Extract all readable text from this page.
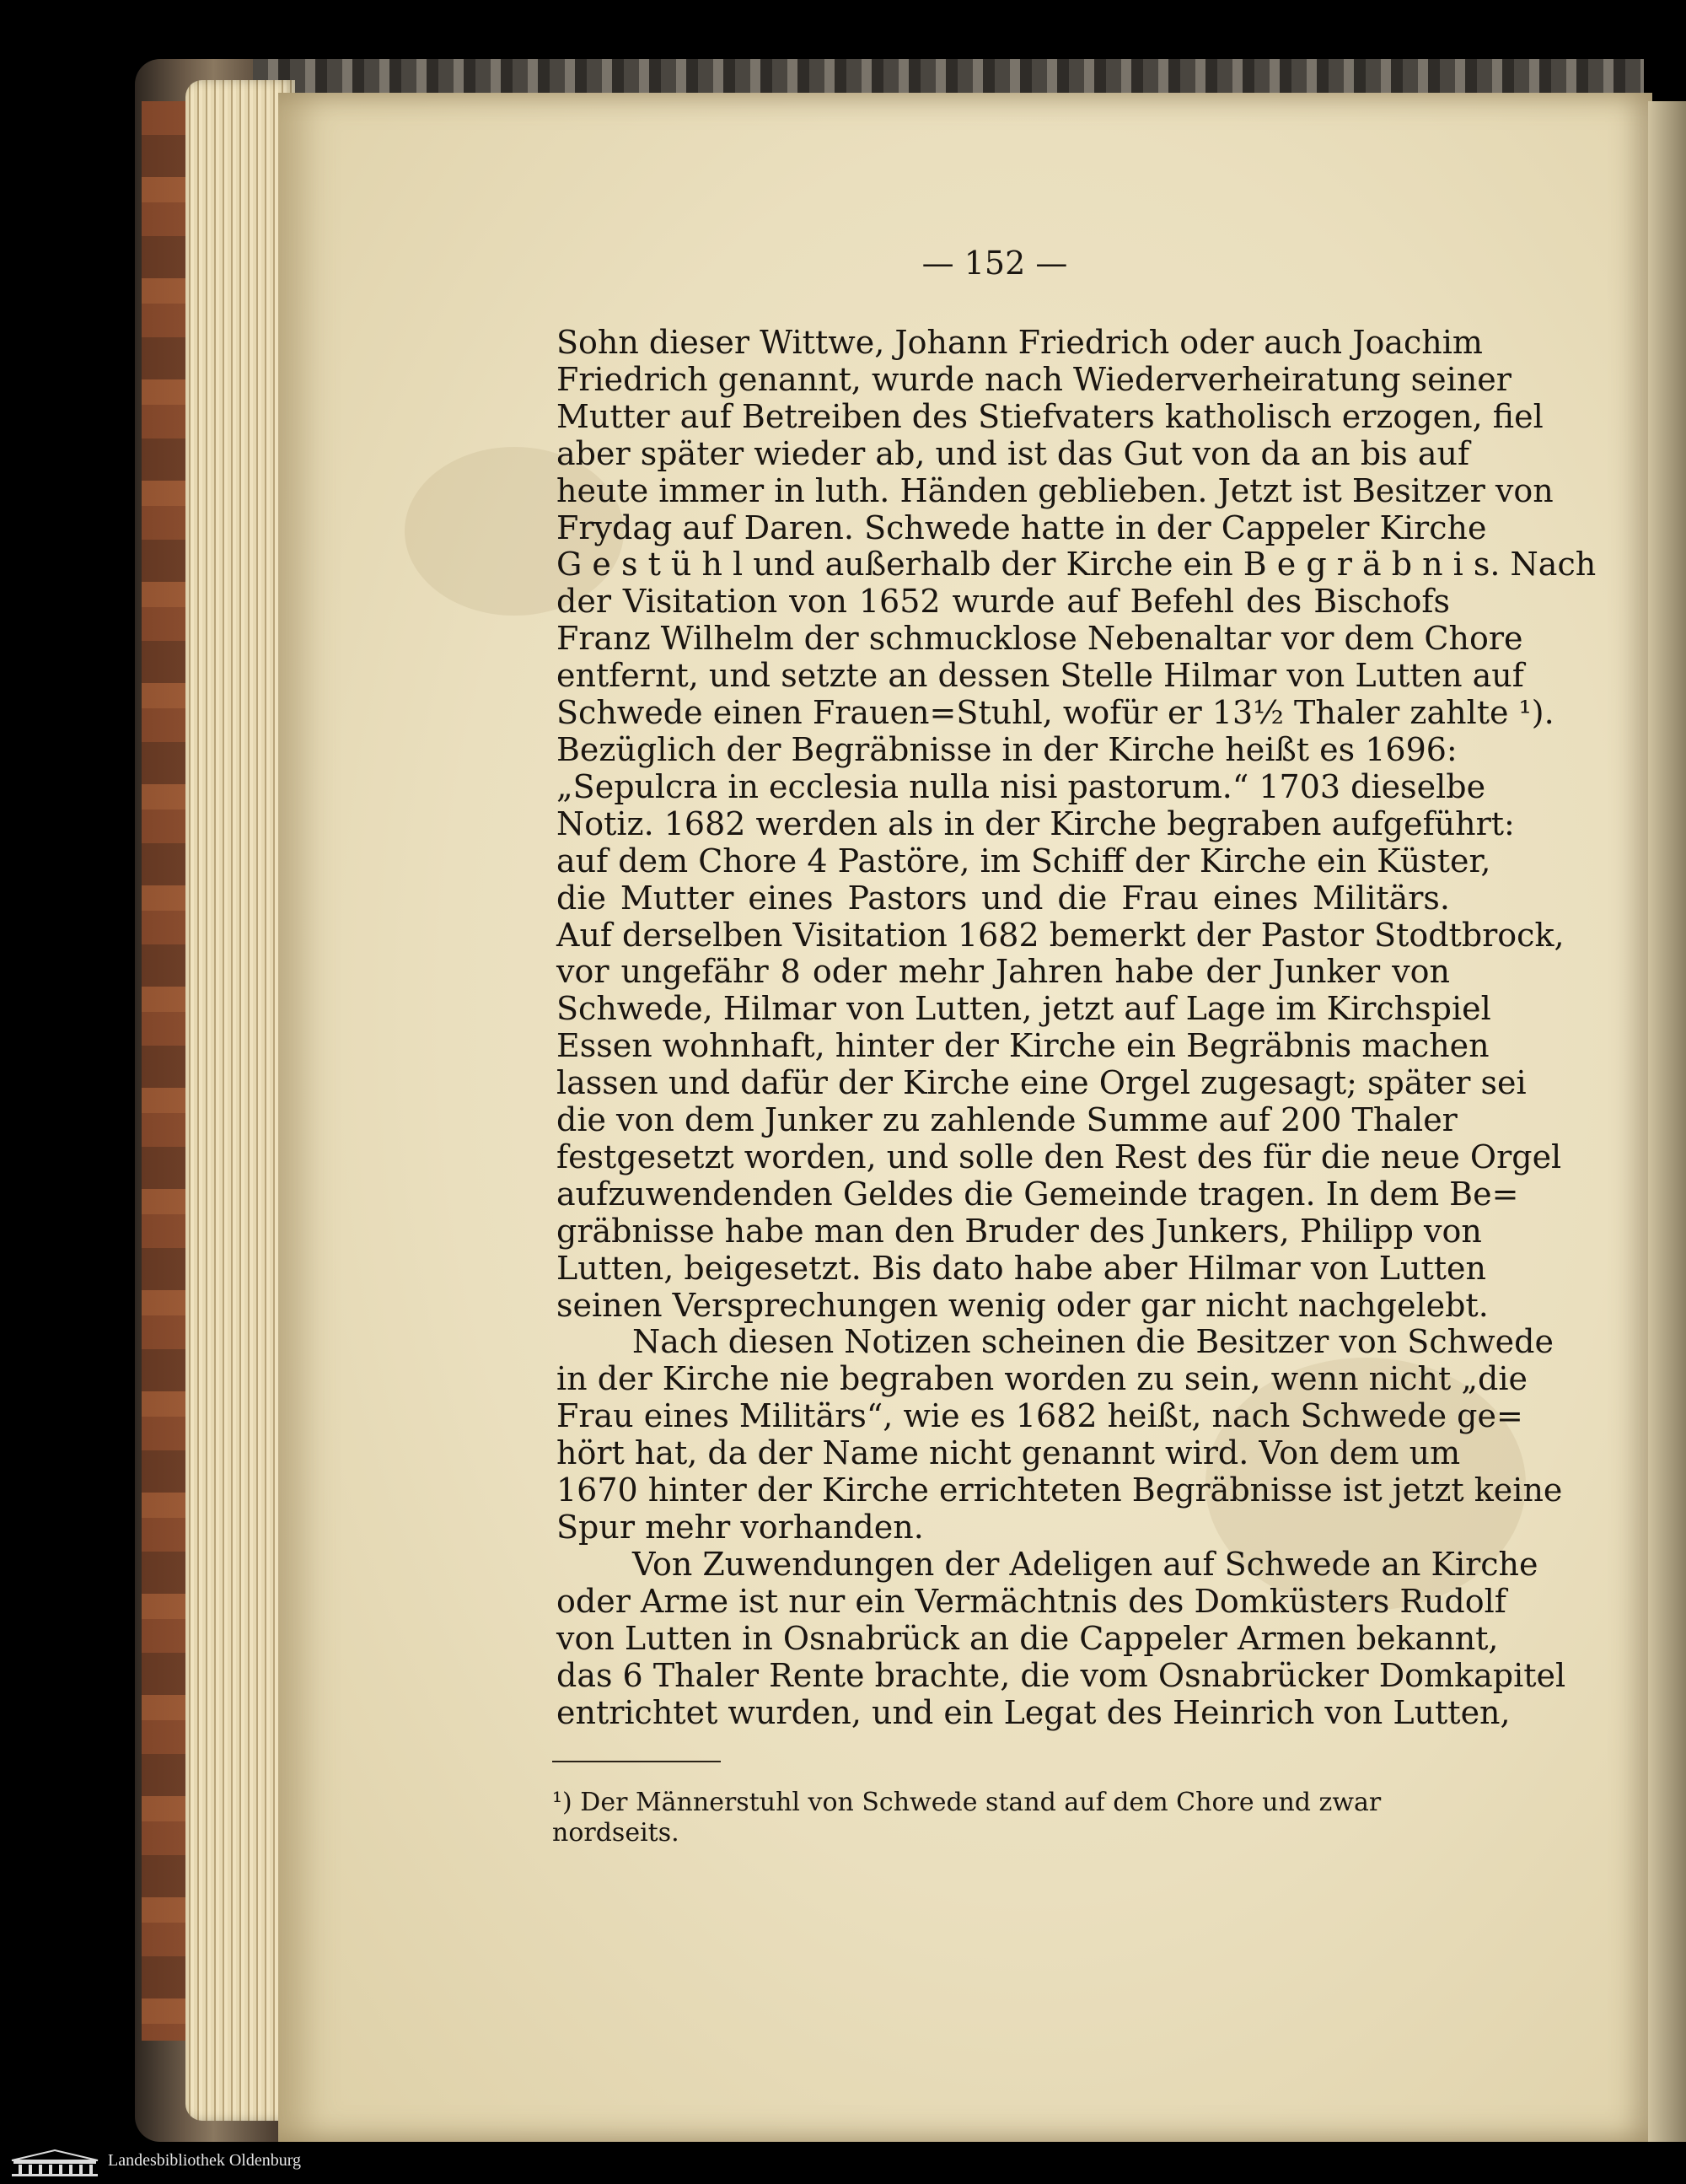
— 152 —
Sohn dieser Wittwe, Johann Friedrich oder auch Joachim
Friedrich genannt, wurde nach Wiederverheiratung seiner
Mutter auf Betreiben des Stiefvaters katholisch erzogen, fiel
aber später wieder ab, und ist das Gut von da an bis auf
heute immer in luth. Händen geblieben. Jetzt ist Besitzer von
Frydag auf Daren. Schwede hatte in der Cappeler Kirche
G e s t ü h l und außerhalb der Kirche ein B e g r ä b n i s. Nach
der Visitation von 1652 wurde auf Befehl des Bischofs
Franz Wilhelm der schmucklose Nebenaltar vor dem Chore
entfernt, und setzte an dessen Stelle Hilmar von Lutten auf
Schwede einen Frauen=Stuhl, wofür er 13½ Thaler zahlte ¹).
Bezüglich der Begräbnisse in der Kirche heißt es 1696:
„Sepulcra in ecclesia nulla nisi pastorum.“ 1703 dieselbe
Notiz. 1682 werden als in der Kirche begraben aufgeführt:
auf dem Chore 4 Pastöre, im Schiff der Kirche ein Küster,
die Mutter eines Pastors und die Frau eines Militärs.
Auf derselben Visitation 1682 bemerkt der Pastor Stodtbrock,
vor ungefähr 8 oder mehr Jahren habe der Junker von
Schwede, Hilmar von Lutten, jetzt auf Lage im Kirchspiel
Essen wohnhaft, hinter der Kirche ein Begräbnis machen
lassen und dafür der Kirche eine Orgel zugesagt; später sei
die von dem Junker zu zahlende Summe auf 200 Thaler
festgesetzt worden, und solle den Rest des für die neue Orgel
aufzuwendenden Geldes die Gemeinde tragen. In dem Be=
gräbnisse habe man den Bruder des Junkers, Philipp von
Lutten, beigesetzt. Bis dato habe aber Hilmar von Lutten
seinen Versprechungen wenig oder gar nicht nachgelebt.
Nach diesen Notizen scheinen die Besitzer von Schwede
in der Kirche nie begraben worden zu sein, wenn nicht „die
Frau eines Militärs“, wie es 1682 heißt, nach Schwede ge=
hört hat, da der Name nicht genannt wird. Von dem um
1670 hinter der Kirche errichteten Begräbnisse ist jetzt keine
Spur mehr vorhanden.
Von Zuwendungen der Adeligen auf Schwede an Kirche
oder Arme ist nur ein Vermächtnis des Domküsters Rudolf
von Lutten in Osnabrück an die Cappeler Armen bekannt,
das 6 Thaler Rente brachte, die vom Osnabrücker Domkapitel
entrichtet wurden, und ein Legat des Heinrich von Lutten,
¹) Der Männerstuhl von Schwede stand auf dem Chore und zwar nordseits.
Landesbibliothek Oldenburg
